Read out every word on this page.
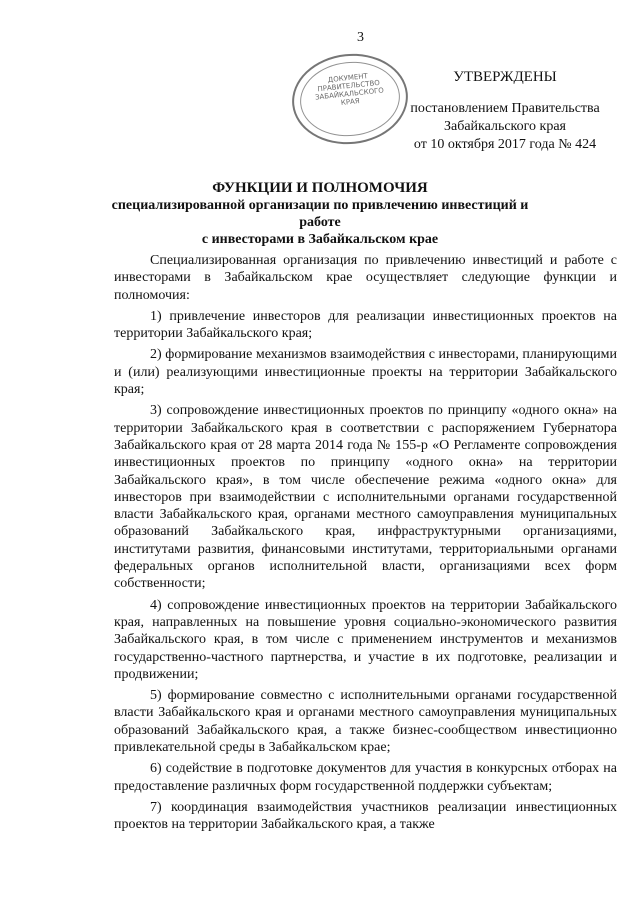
3
ДОКУМЕНТ ПРАВИТЕЛЬСТВО ЗАБАЙКАЛЬСКОГО КРАЯ
УТВЕРЖДЕНЫ
постановлением Правительства
Забайкальского края
от 10 октября 2017 года № 424
ФУНКЦИИ И ПОЛНОМОЧИЯ
специализированной организации по привлечению инвестиций и работе
с инвесторами в Забайкальском крае

Специализированная организация по привлечению инвестиций и работе с инвесторами в Забайкальском крае осуществляет следующие функции и полномочия:

1) привлечение инвесторов для реализации инвестиционных проектов на территории Забайкальского края;

2) формирование механизмов взаимодействия с инвесторами, планирующими и (или) реализующими инвестиционные проекты на территории Забайкальского края;

3) сопровождение инвестиционных проектов по принципу «одного окна» на территории Забайкальского края в соответствии с распоряжением Губернатора Забайкальского края от 28 марта 2014 года № 155-р «О Регламенте сопровождения инвестиционных проектов по принципу «одного окна» на территории Забайкальского края», в том числе обеспечение режима «одного окна» для инвесторов при взаимодействии с исполнительными органами государственной власти Забайкальского края, органами местного самоуправления муниципальных образований Забайкальского края, инфраструктурными организациями, институтами развития, финансовыми институтами, территориальными органами федеральных органов исполнительной власти, организациями всех форм собственности;

4) сопровождение инвестиционных проектов на территории Забайкальского края, направленных на повышение уровня социально-экономического развития Забайкальского края, в том числе с применением инструментов и механизмов государственно-частного партнерства, и участие в их подготовке, реализации и продвижении;

5) формирование совместно с исполнительными органами государственной власти Забайкальского края и органами местного самоуправления муниципальных образований Забайкальского края, а также бизнес-сообществом инвестиционно привлекательной среды в Забайкальском крае;

6) содействие в подготовке документов для участия в конкурсных отборах на предоставление различных форм государственной поддержки субъектам;

7) координация взаимодействия участников реализации инвестиционных проектов на территории Забайкальского края, а также
